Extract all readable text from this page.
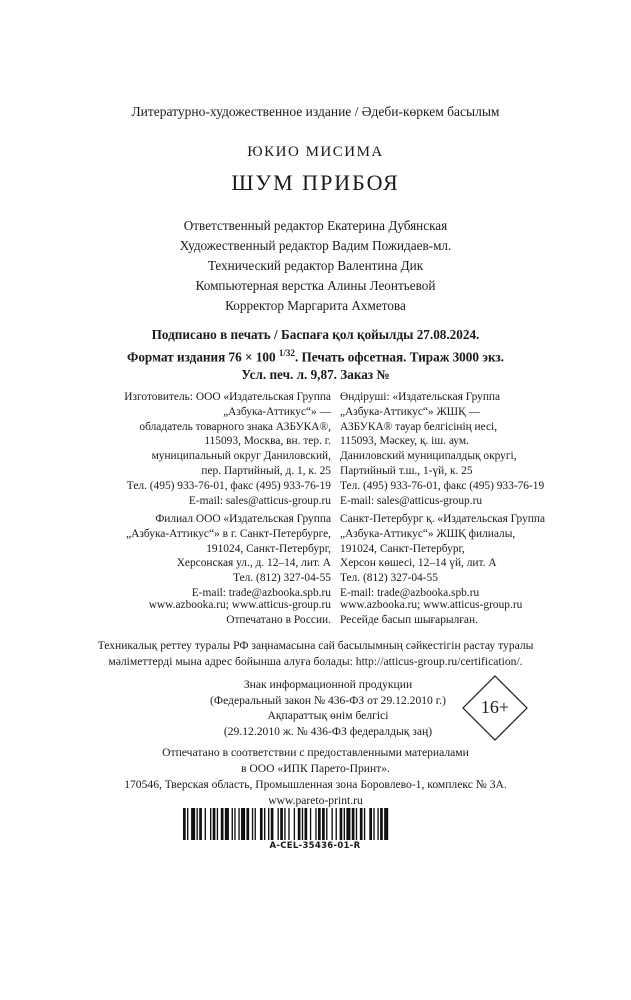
Литературно-художественное издание / Әдеби-көркем басылым
ЮКИО МИСИМА
ШУМ ПРИБОЯ
Ответственный редактор Екатерина Дубянская
Художественный редактор Вадим Пожидаев-мл.
Технический редактор Валентина Дик
Компьютерная верстка Алины Леонтьевой
Корректор Маргарита Ахметова
Подписано в печать / Баспаға қол қойылды 27.08.2024.
Формат издания 76 × 100 $^{1/32}$. Печать офсетная. Тираж 3000 экз.
Усл. печ. л. 9,87. Заказ №
Изготовитель: ООО «Издательская Группа
„Азбука-Аттикус“» —
обладатель товарного знака АЗБУКА®,
115093, Москва, вн. тер. г.
муниципальный округ Даниловский,
пер. Партийный, д. 1, к. 25
Тел. (495) 933-76-01, факс (495) 933-76-19
E-mail: sales@atticus-group.ru
Филиал ООО «Издательская Группа
„Азбука-Аттикус“» в г. Санкт-Петербурге,
191024, Санкт-Петербург,
Херсонская ул., д. 12–14, лит. А
Тел. (812) 327-04-55
E-mail: trade@azbooka.spb.ru
www.azbooka.ru; www.atticus-group.ru
Отпечатано в России.
Өндіруші: «Издательская Группа
„Азбука-Аттикус“» ЖШҚ —
АЗБУКА® тауар белгісінің иесі,
115093, Мәскеу, қ. іш. аум.
Даниловский муниципалдық округі,
Партийный т.ш., 1-үй, к. 25
Тел. (495) 933-76-01, факс (495) 933-76-19
E-mail: sales@atticus-group.ru
Санкт-Петербург қ. «Издательская Группа
„Азбука-Аттикус“» ЖШҚ филиалы,
191024, Санкт-Петербург,
Херсон көшесі, 12–14 үй, лит. А
Тел. (812) 327-04-55
E-mail: trade@azbooka.spb.ru
www.azbooka.ru; www.atticus-group.ru
Ресейде басып шығарылған.
Техникалық реттеу туралы РФ заңнамасына сай басылымның сәйкестігін растау туралы
мәліметтерді мына адрес бойынша алуға болады: http://atticus-group.ru/certification/.
Знак информационной продукции
(Федеральный закон № 436-ФЗ от 29.12.2010 г.)
Ақпараттық өнім белгісі
(29.12.2010 ж. № 436-ФЗ федералдық заң)
16+
Отпечатано в соответствии с предоставленными материалами
в ООО «ИПК Парето-Принт».
170546, Тверская область, Промышленная зона Боровлево-1, комплекс № 3А.
www.pareto-print.ru
A-CEL-35436-01-R
